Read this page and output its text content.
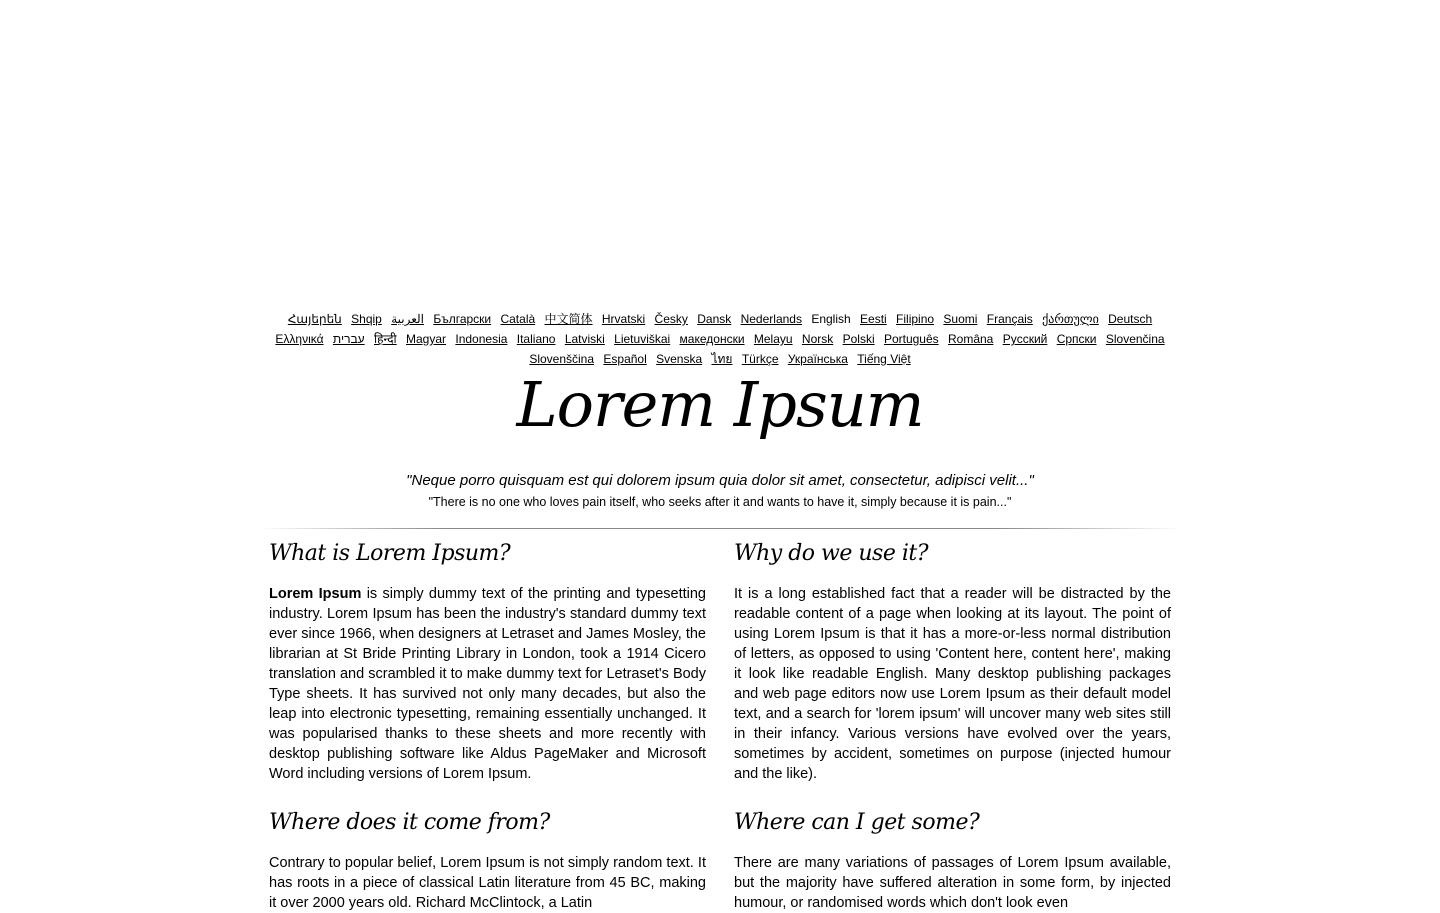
Հայերեն Shqip العربية Български Català 中文简体 Hrvatski Česky Dansk Nederlands English Eesti Filipino Suomi Français ქართული Deutsch Ελληνικά עברית हिन्दी Magyar Indonesia Italiano Latviski Lietuviškai македонски Melayu Norsk Polski Português Româna Pyccкий Српски Slovenčina Slovenščina Español Svenska ไทย Türkçe Українська Tiếng Việt
Lorem Ipsum
"Neque porro quisquam est qui dolorem ipsum quia dolor sit amet, consectetur, adipisci velit..."
"There is no one who loves pain itself, who seeks after it and wants to have it, simply because it is pain..."
What is Lorem Ipsum?

Lorem Ipsum is simply dummy text of the printing and typesetting industry. Lorem Ipsum has been the industry's standard dummy text ever since 1966, when designers at Letraset and James Mosley, the librarian at St Bride Printing Library in London, took a 1914 Cicero translation and scrambled it to make dummy text for Letraset's Body Type sheets. It has survived not only many decades, but also the leap into electronic typesetting, remaining essentially unchanged. It was popularised thanks to these sheets and more recently with desktop publishing software like Aldus PageMaker and Microsoft Word including versions of Lorem Ipsum.

Why do we use it?

It is a long established fact that a reader will be distracted by the readable content of a page when looking at its layout. The point of using Lorem Ipsum is that it has a more-or-less normal distribution of letters, as opposed to using 'Content here, content here', making it look like readable English. Many desktop publishing packages and web page editors now use Lorem Ipsum as their default model text, and a search for 'lorem ipsum' will uncover many web sites still in their infancy. Various versions have evolved over the years, sometimes by accident, sometimes on purpose (injected humour and the like).

Where does it come from?

Contrary to popular belief, Lorem Ipsum is not simply random text. It has roots in a piece of classical Latin literature from 45 BC, making it over 2000 years old. Richard McClintock, a Latin

Where can I get some?

There are many variations of passages of Lorem Ipsum available, but the majority have suffered alteration in some form, by injected humour, or randomised words which don't look even
